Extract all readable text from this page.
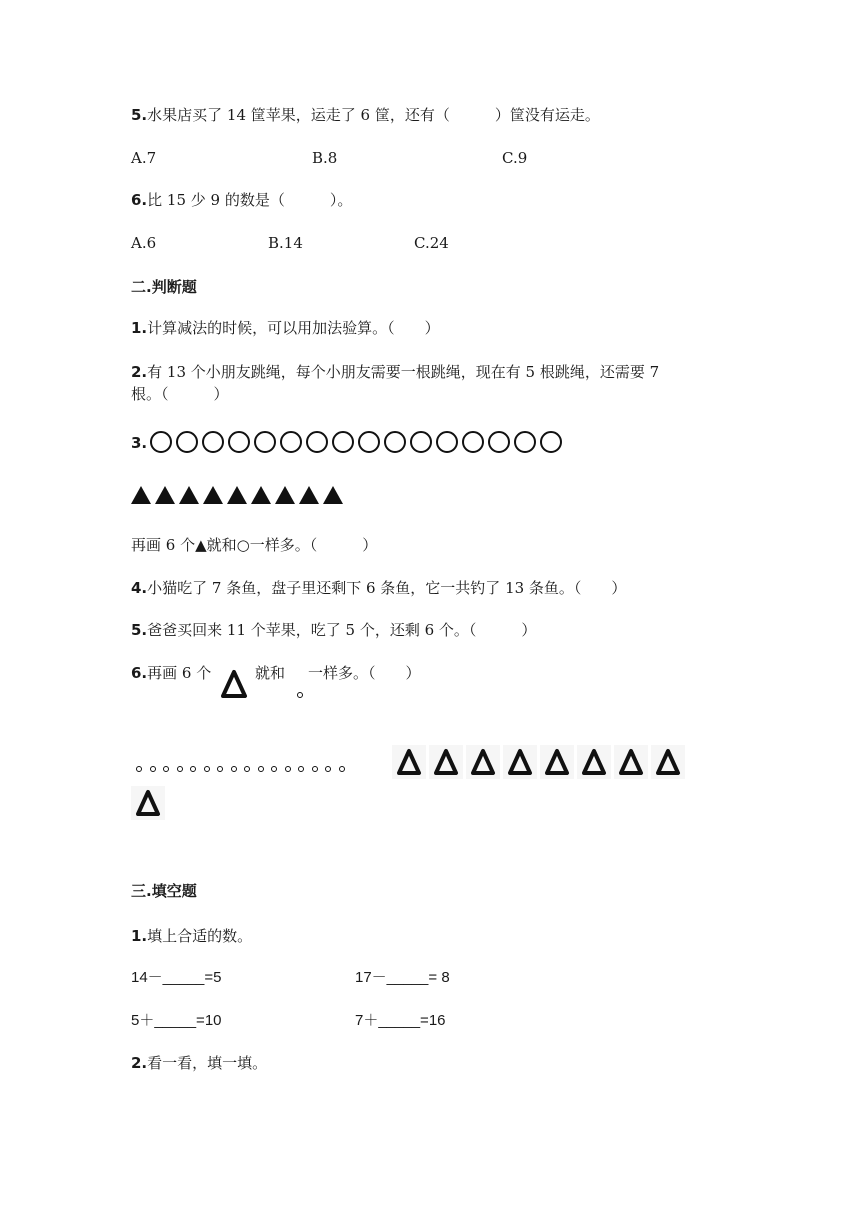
5.水果店买了 14 筐苹果，运走了 6 筐，还有（　　　）筐没有运走。
A.7	B.8	C.9
6.比 15 少 9 的数是（　　　）。
A.6	B.14	C.24
二.判断题
1.计算减法的时候，可以用加法验算。（　　）
2.有 13 个小朋友跳绳，每个小朋友需要一根跳绳，现在有 5 根跳绳，还需要 7
根。（　　　）
3.
再画 6 个▲就和○一样多。（　　　）
4.小猫吃了 7 条鱼，盘子里还剩下 6 条鱼，它一共钓了 13 条鱼。（　　）
5.爸爸买回来 11 个苹果，吃了 5 个，还剩 6 个。（　　　）
6.再画 6 个	就和 一样多。（　　）
三.填空题
1.填上合适的数。
14－_____=5	17－_____= 8
5＋_____=10	7＋_____=16
2.看一看，填一填。
